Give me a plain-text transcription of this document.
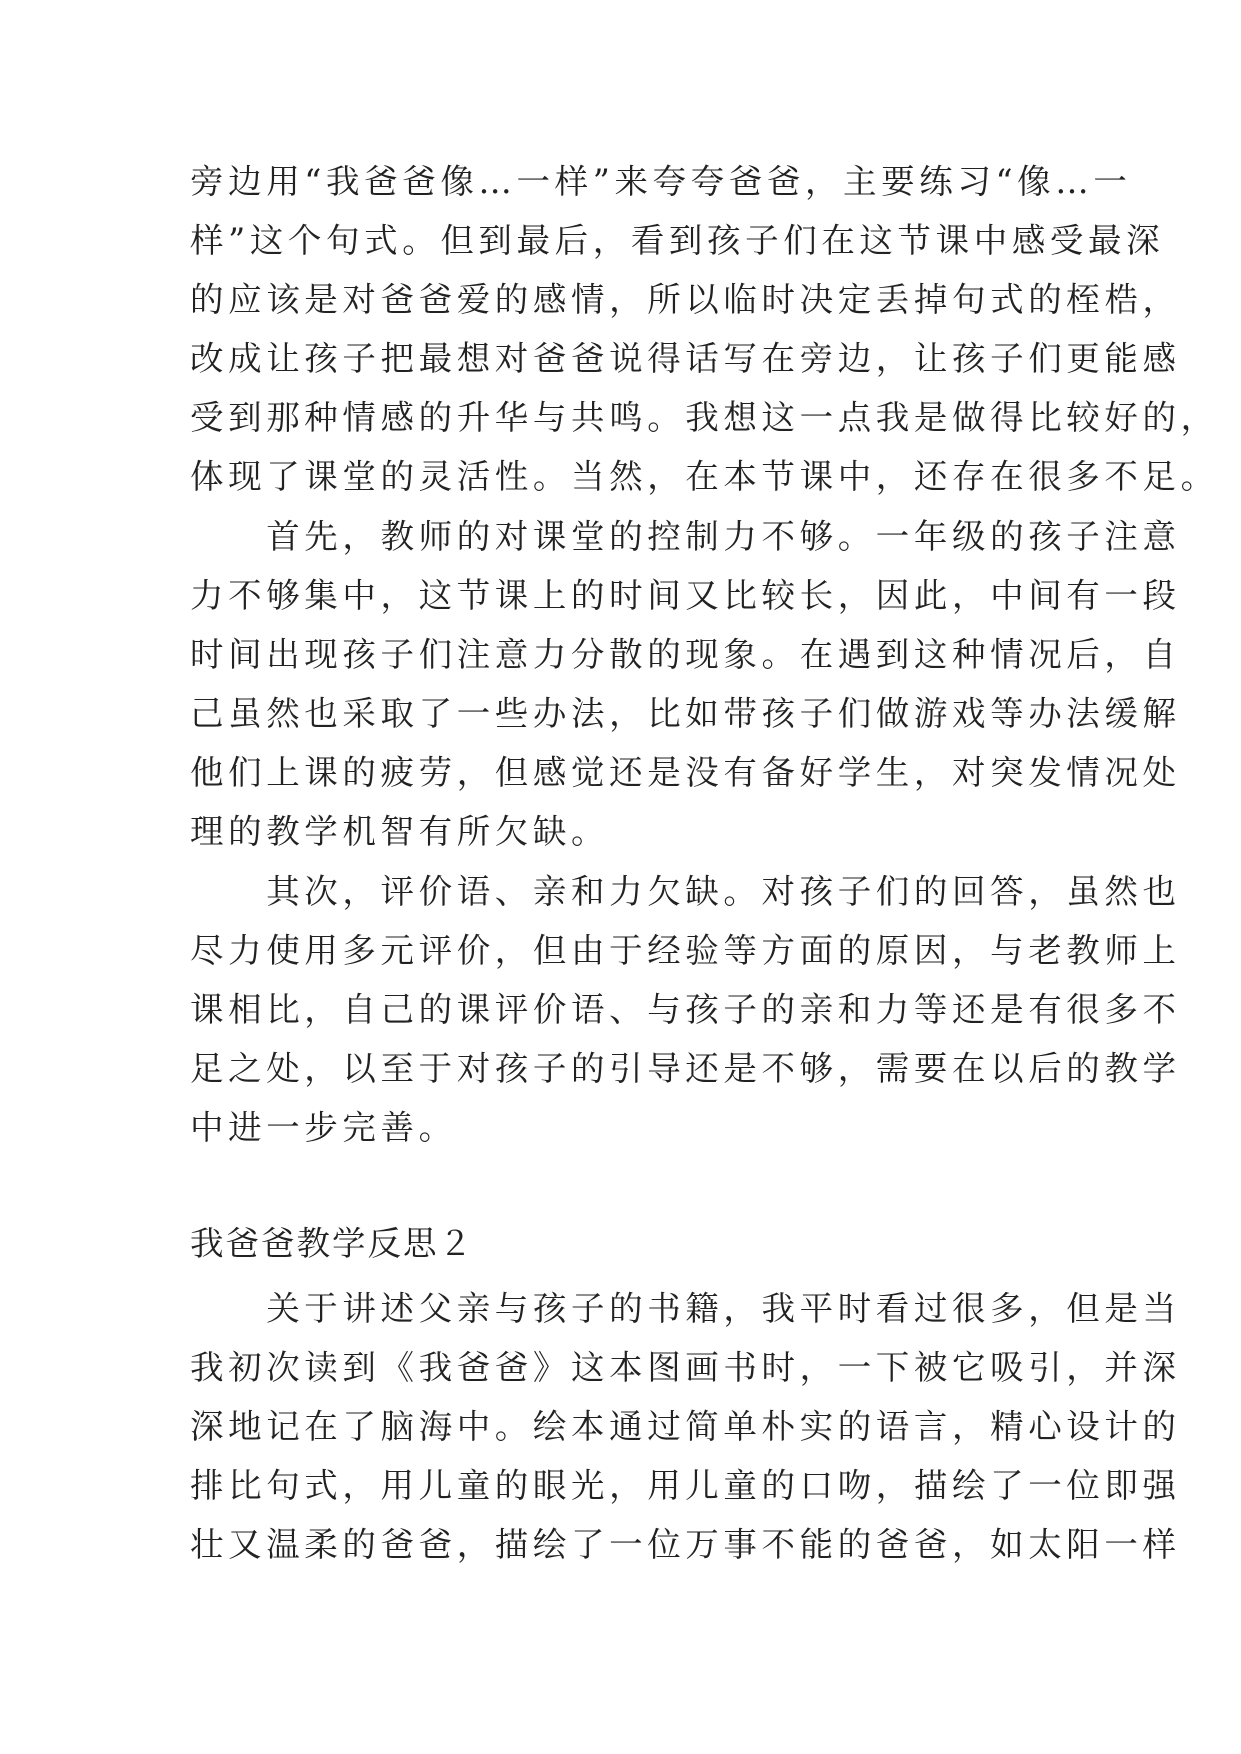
旁边用“我爸爸像…一样”来夸夸爸爸，主要练习“像…一
样”这个句式。但到最后，看到孩子们在这节课中感受最深
的应该是对爸爸爱的感情，所以临时决定丢掉句式的桎梏，
改成让孩子把最想对爸爸说得话写在旁边，让孩子们更能感
受到那种情感的升华与共鸣。我想这一点我是做得比较好的，
体现了课堂的灵活性。当然，在本节课中，还存在很多不足。
　　首先，教师的对课堂的控制力不够。一年级的孩子注意
力不够集中，这节课上的时间又比较长，因此，中间有一段
时间出现孩子们注意力分散的现象。在遇到这种情况后，自
己虽然也采取了一些办法，比如带孩子们做游戏等办法缓解
他们上课的疲劳，但感觉还是没有备好学生，对突发情况处
理的教学机智有所欠缺。
　　其次，评价语、亲和力欠缺。对孩子们的回答，虽然也
尽力使用多元评价，但由于经验等方面的原因，与老教师上
课相比，自己的课评价语、与孩子的亲和力等还是有很多不
足之处，以至于对孩子的引导还是不够，需要在以后的教学
中进一步完善。
我爸爸教学反思２
　　关于讲述父亲与孩子的书籍，我平时看过很多，但是当
我初次读到《我爸爸》这本图画书时，一下被它吸引，并深
深地记在了脑海中。绘本通过简单朴实的语言，精心设计的
排比句式，用儿童的眼光，用儿童的口吻，描绘了一位即强
壮又温柔的爸爸，描绘了一位万事不能的爸爸，如太阳一样
